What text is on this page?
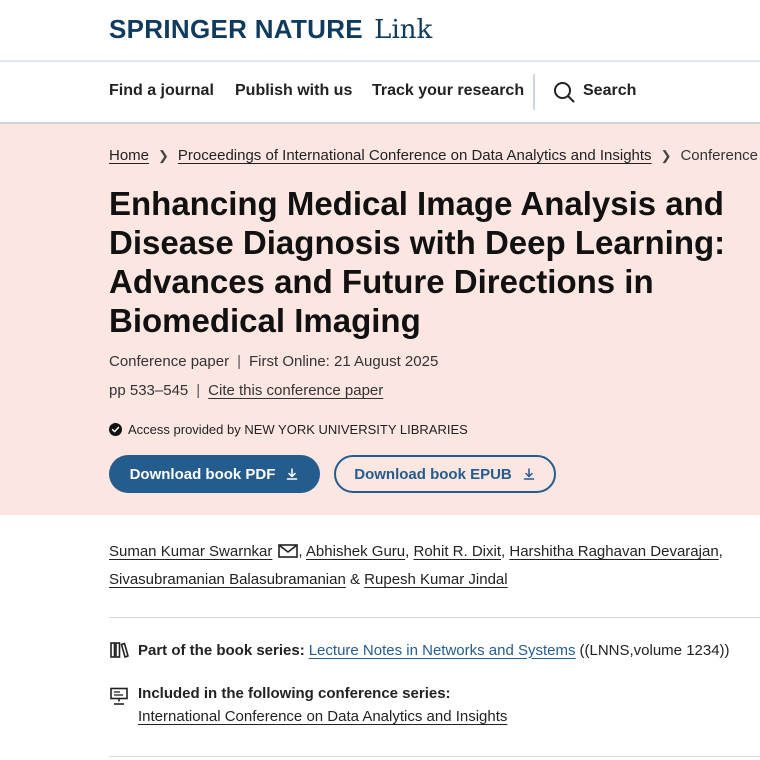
SPRINGER NATURE Link
Find a journal Publish with us Track your research	Search
Home ❯ Proceedings of International Conference on Data Analytics and Insights ❯ Conference
Enhancing Medical Image Analysis and Disease Diagnosis with Deep Learning: Advances and Future Directions in Biomedical Imaging
Conference paper | First Online: 21 August 2025
pp 533–545 | Cite this conference paper
Access provided by NEW YORK UNIVERSITY LIBRARIES
Download book PDF	Download book EPUB
Suman Kumar Swarnkar , Abhishek Guru, Rohit R. Dixit, Harshitha Raghavan Devarajan,
Sivasubramanian Balasubramanian & Rupesh Kumar Jindal
Part of the book series: Lecture Notes in Networks and Systems ((LNNS,volume 1234))
Included in the following conference series:
International Conference on Data Analytics and Insights
